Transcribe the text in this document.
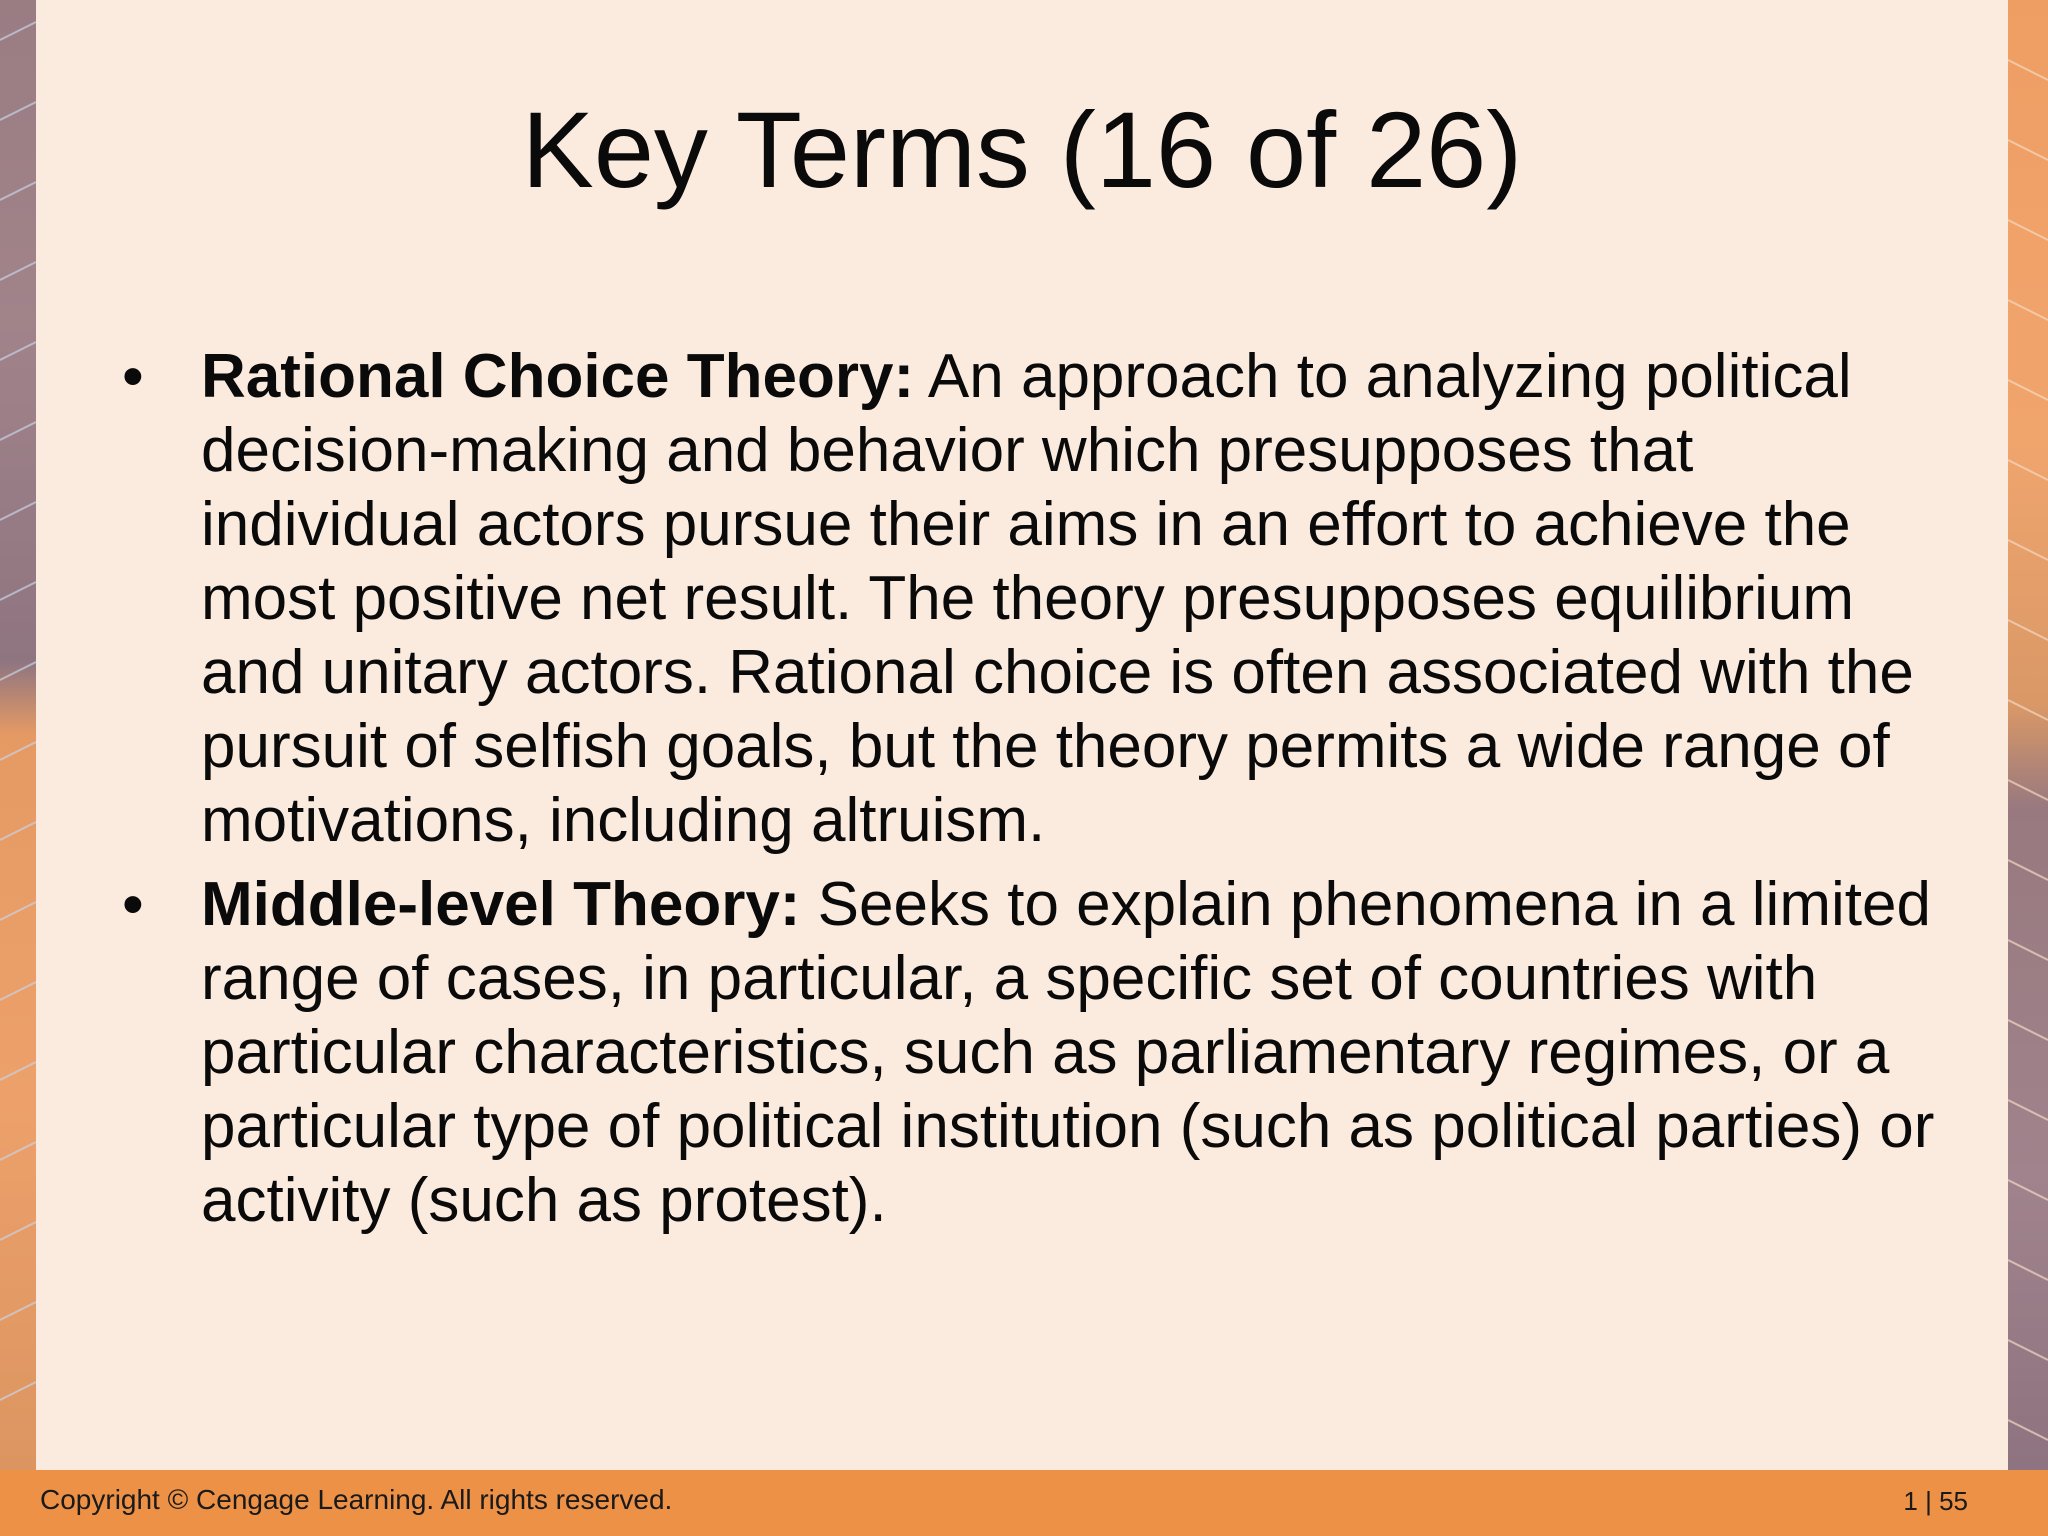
Key Terms (16 of 26)
• Rational Choice Theory: An approach to analyzing political decision-making and behavior which presupposes that individual actors pursue their aims in an effort to achieve the most positive net result. The theory presupposes equilibrium and unitary actors. Rational choice is often associated with the pursuit of selfish goals, but the theory permits a wide range of motivations, including altruism.
• Middle-level Theory: Seeks to explain phenomena in a limited range of cases, in particular, a specific set of countries with particular characteristics, such as parliamentary regimes, or a particular type of political institution (such as political parties) or activity (such as protest).
Copyright © Cengage Learning. All rights reserved.	1 | 55
